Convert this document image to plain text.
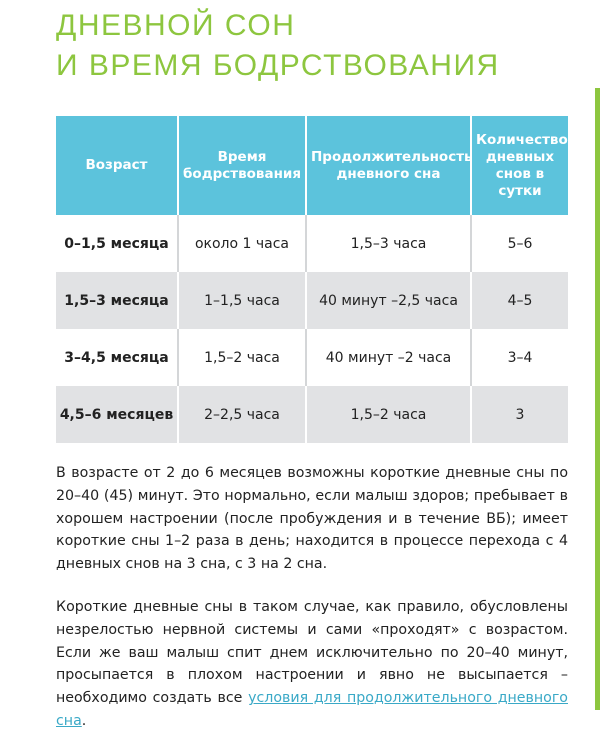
ДНЕВНОЙ СОН
И ВРЕМЯ БОДРСТВОВАНИЯ
Возраст	Время бодрствования	Продолжительность дневного сна	Количество дневных снов в сутки
0–1,5 месяца	около 1 часа	1,5–3 часа	5–6
1,5–3 месяца	1–1,5 часа	40 минут –2,5 часа	4–5
3–4,5 месяца	1,5–2 часа	40 минут –2 часа	3–4
4,5–6 месяцев	2–2,5 часа	1,5–2 часа	3

В возрасте от 2 до 6 месяцев возможны короткие дневные сны по 20–40 (45) минут. Это нормально, если малыш здоров; пребывает в хорошем настроении (после пробуждения и в течение ВБ); имеет короткие сны 1–2 раза в день; находится в процессе перехода с 4 дневных снов на 3 сна, с 3 на 2 сна.

Короткие дневные сны в таком случае, как правило, обусловлены незрелостью нервной системы и сами «проходят» с возрастом. Если же ваш малыш спит днем исключительно по 20–40 минут, просыпается в плохом настроении и явно не высыпается – необходимо создать все условия для продолжительного дневного сна.
